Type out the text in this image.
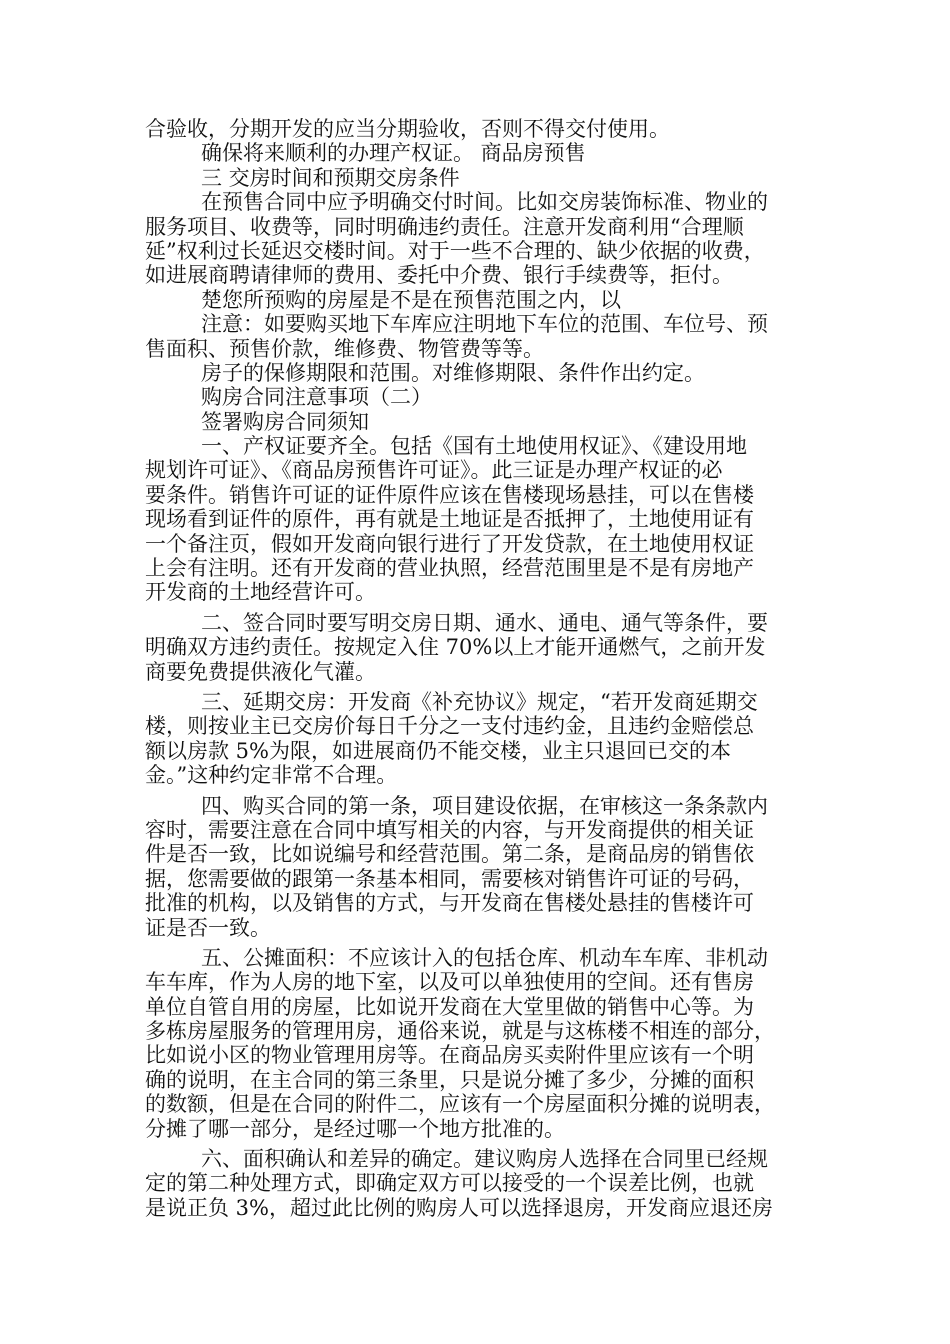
合验收，分期开发的应当分期验收，否则不得交付使用。
确保将来顺利的办理产权证。 商品房预售
三 交房时间和预期交房条件
在预售合同中应予明确交付时间。比如交房装饰标准、物业的
服务项目、收费等，同时明确违约责任。注意开发商利用“合理顺
延”权利过长延迟交楼时间。对于一些不合理的、缺少依据的收费，
如进展商聘请律师的费用、委托中介费、银行手续费等，拒付。
楚您所预购的房屋是不是在预售范围之内，以
注意：如要购买地下车库应注明地下车位的范围、车位号、预
售面积、预售价款，维修费、物管费等等。
房子的保修期限和范围。对维修期限、条件作出约定。
购房合同注意事项（二）
签署购房合同须知
一、产权证要齐全。包括《国有土地使用权证》、《建设用地
规划许可证》、《商品房预售许可证》。此三证是办理产权证的必
要条件。销售许可证的证件原件应该在售楼现场悬挂，可以在售楼
现场看到证件的原件，再有就是土地证是否抵押了，土地使用证有
一个备注页，假如开发商向银行进行了开发贷款，在土地使用权证
上会有注明。还有开发商的营业执照，经营范围里是不是有房地产
开发商的土地经营许可。
二、签合同时要写明交房日期、通水、通电、通气等条件，要
明确双方违约责任。按规定入住 70%以上才能开通燃气，之前开发
商要免费提供液化气灌。
三、延期交房：开发商《补充协议》规定，“若开发商延期交
楼，则按业主已交房价每日千分之一支付违约金，且违约金赔偿总
额以房款 5%为限，如进展商仍不能交楼，业主只退回已交的本
金。”这种约定非常不合理。
四、购买合同的第一条，项目建设依据，在审核这一条条款内
容时，需要注意在合同中填写相关的内容，与开发商提供的相关证
件是否一致，比如说编号和经营范围。第二条，是商品房的销售依
据，您需要做的跟第一条基本相同，需要核对销售许可证的号码，
批准的机构，以及销售的方式，与开发商在售楼处悬挂的售楼许可
证是否一致。
五、公摊面积：不应该计入的包括仓库、机动车车库、非机动
车车库，作为人房的地下室，以及可以单独使用的空间。还有售房
单位自管自用的房屋，比如说开发商在大堂里做的销售中心等。为
多栋房屋服务的管理用房，通俗来说，就是与这栋楼不相连的部分，
比如说小区的物业管理用房等。在商品房买卖附件里应该有一个明
确的说明，在主合同的第三条里，只是说分摊了多少，分摊的面积
的数额，但是在合同的附件二，应该有一个房屋面积分摊的说明表，
分摊了哪一部分，是经过哪一个地方批准的。
六、面积确认和差异的确定。建议购房人选择在合同里已经规
定的第二种处理方式，即确定双方可以接受的一个误差比例，也就
是说正负 3%，超过此比例的购房人可以选择退房，开发商应退还房
